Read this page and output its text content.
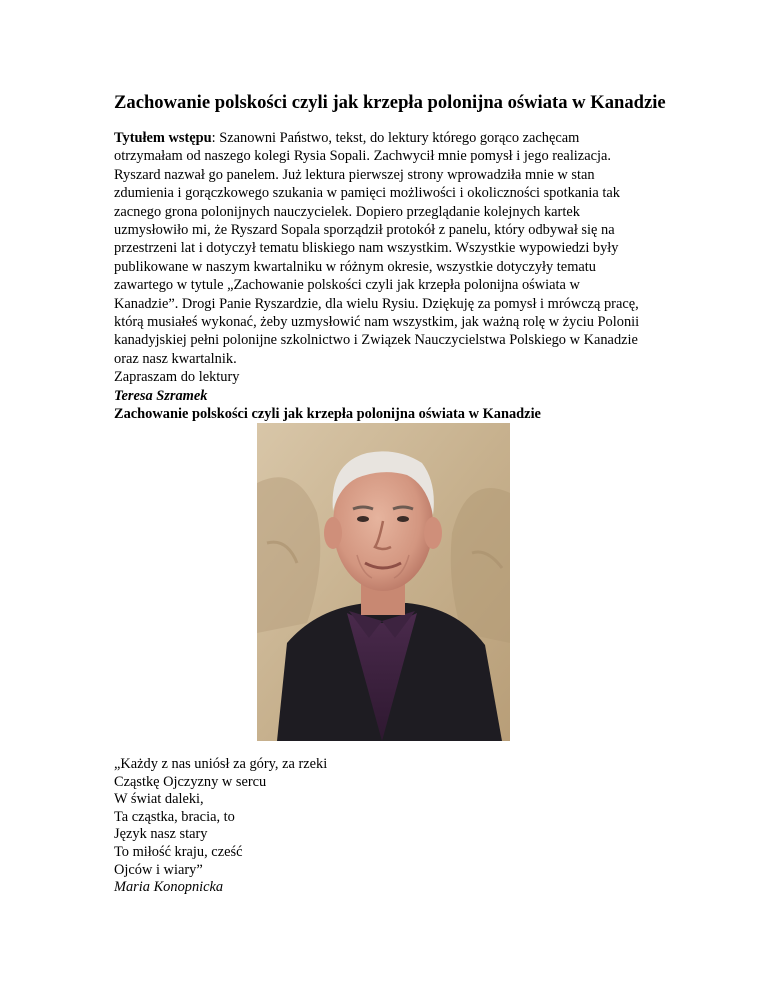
Zachowanie polskości czyli jak krzepła polonijna oświata w Kanadzie

Tytułem wstępu: Szanowni Państwo, tekst, do lektury którego gorąco zachęcam otrzymałam od naszego kolegi Rysia Sopali. Zachwycił mnie pomysł i jego realizacja. Ryszard nazwał go panelem. Już lektura pierwszej strony wprowadziła mnie w stan zdumienia i gorączkowego szukania w pamięci możliwości i okoliczności spotkania tak zacnego grona polonijnych nauczycielek. Dopiero przeglądanie kolejnych kartek uzmysłowiło mi, że Ryszard Sopala sporządził protokół z panelu, który odbywał się na przestrzeni lat i dotyczył tematu bliskiego nam wszystkim. Wszystkie wypowiedzi były publikowane w naszym kwartalniku w różnym okresie, wszystkie dotyczyły tematu zawartego w tytule „Zachowanie polskości czyli jak krzepła polonijna oświata w Kanadzie”. Drogi Panie Ryszardzie, dla wielu Rysiu. Dziękuję za pomysł i mrówczą pracę, którą musiałeś wykonać, żeby uzmysłowić nam wszystkim, jak ważną rolę w życiu Polonii kanadyjskiej pełni polonijne szkolnictwo i Związek Nauczycielstwa Polskiego w Kanadzie oraz nasz kwartalnik.

Zapraszam do lektury

Teresa Szramek

Zachowanie polskości czyli jak krzepła polonijna oświata w Kanadzie
„Każdy z nas uniósł za góry, za rzeki
Cząstkę Ojczyzny w sercu
W świat daleki,
Ta cząstka, bracia, to
Język nasz stary
To miłość kraju, cześć
Ojców i wiary”
Maria Konopnicka
